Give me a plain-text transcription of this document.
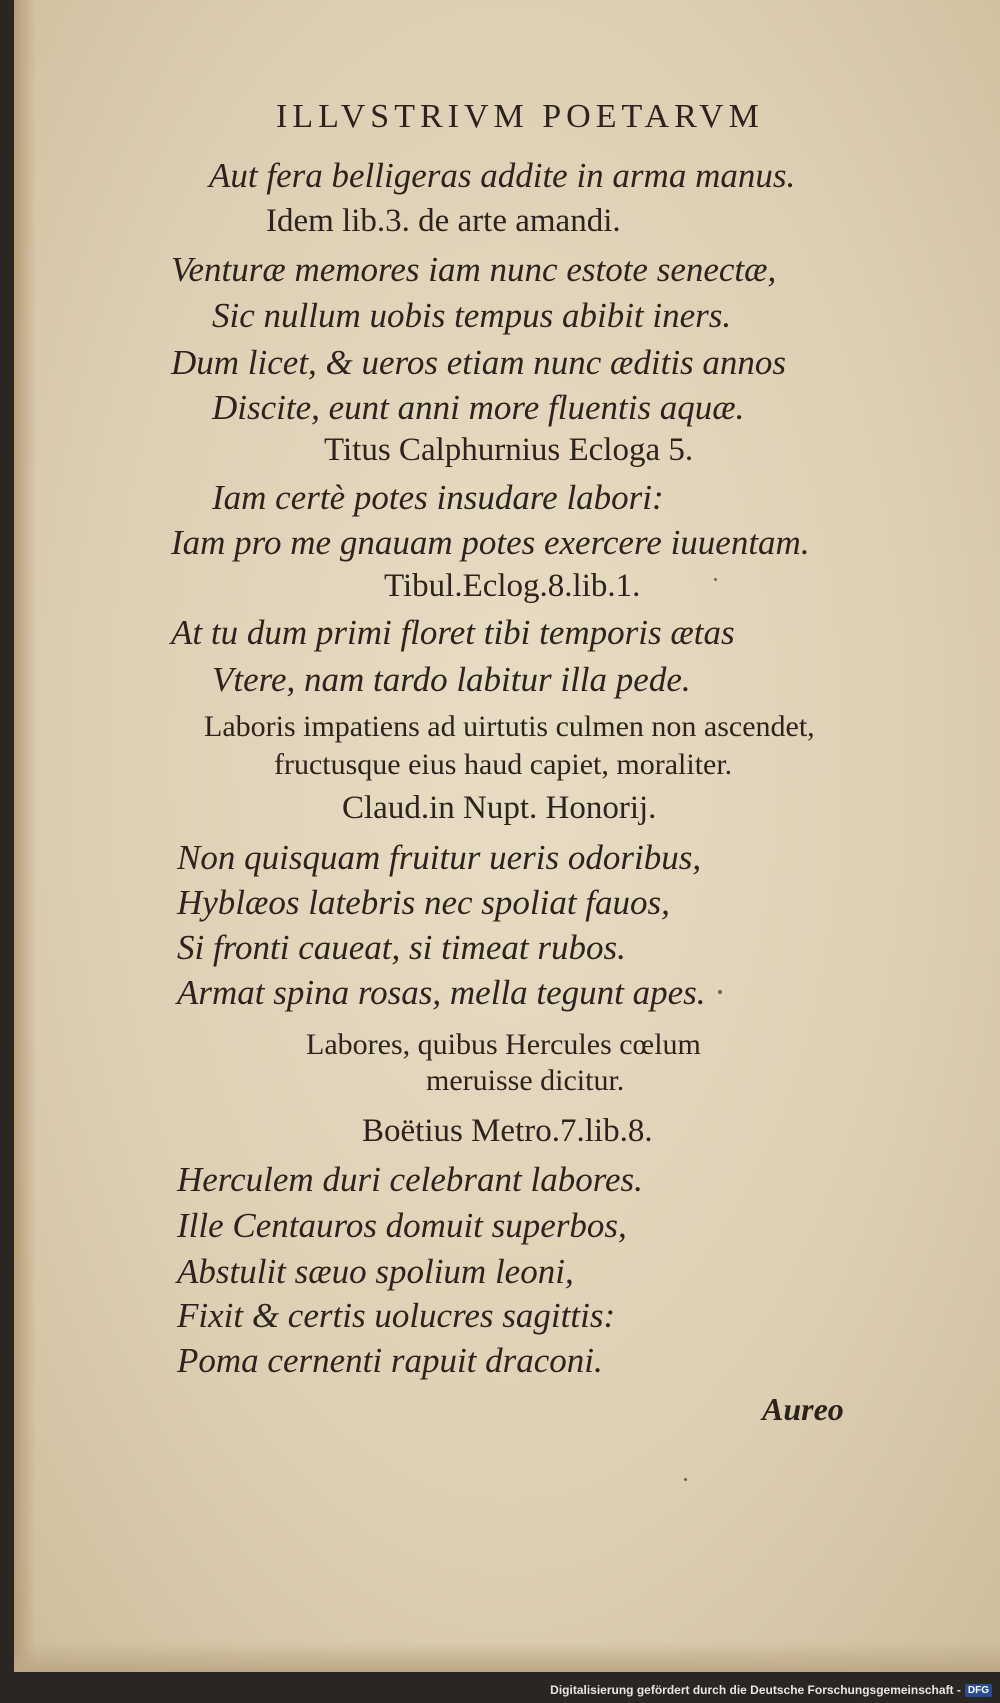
ILLVSTRIVM POETARVM
Aut fera belligeras addite in arma manus.
Idem lib.3. de arte amandi.
Venturæ memores iam nunc estote senectæ,
Sic nullum uobis tempus abibit iners.
Dum licet, & ueros etiam nunc æditis annos
Discite, eunt anni more fluentis aquæ.
Titus Calphurnius Ecloga 5.
Iam certè potes insudare labori:
Iam pro me gnauam potes exercere iuuentam.
Tibul.Eclog.8.lib.1.
At tu dum primi floret tibi temporis ætas
Vtere, nam tardo labitur illa pede.
Laboris impatiens ad uirtutis culmen non ascendet,
fructusque eius haud capiet, moraliter.
Claud.in Nupt. Honorij.
Non quisquam fruitur ueris odoribus,
Hyblæos latebris nec spoliat fauos,
Si fronti caueat, si timeat rubos.
Armat spina rosas, mella tegunt apes.
Labores, quibus Hercules cœlum
meruisse dicitur.
Boëtius Metro.7.lib.8.
Herculem duri celebrant labores.
Ille Centauros domuit superbos,
Abstulit sæuo spolium leoni,
Fixit & certis uolucres sagittis:
Poma cernenti rapuit draconi.
Aureo
Digitalisierung gefördert durch die Deutsche Forschungsgemeinschaft - DFG
